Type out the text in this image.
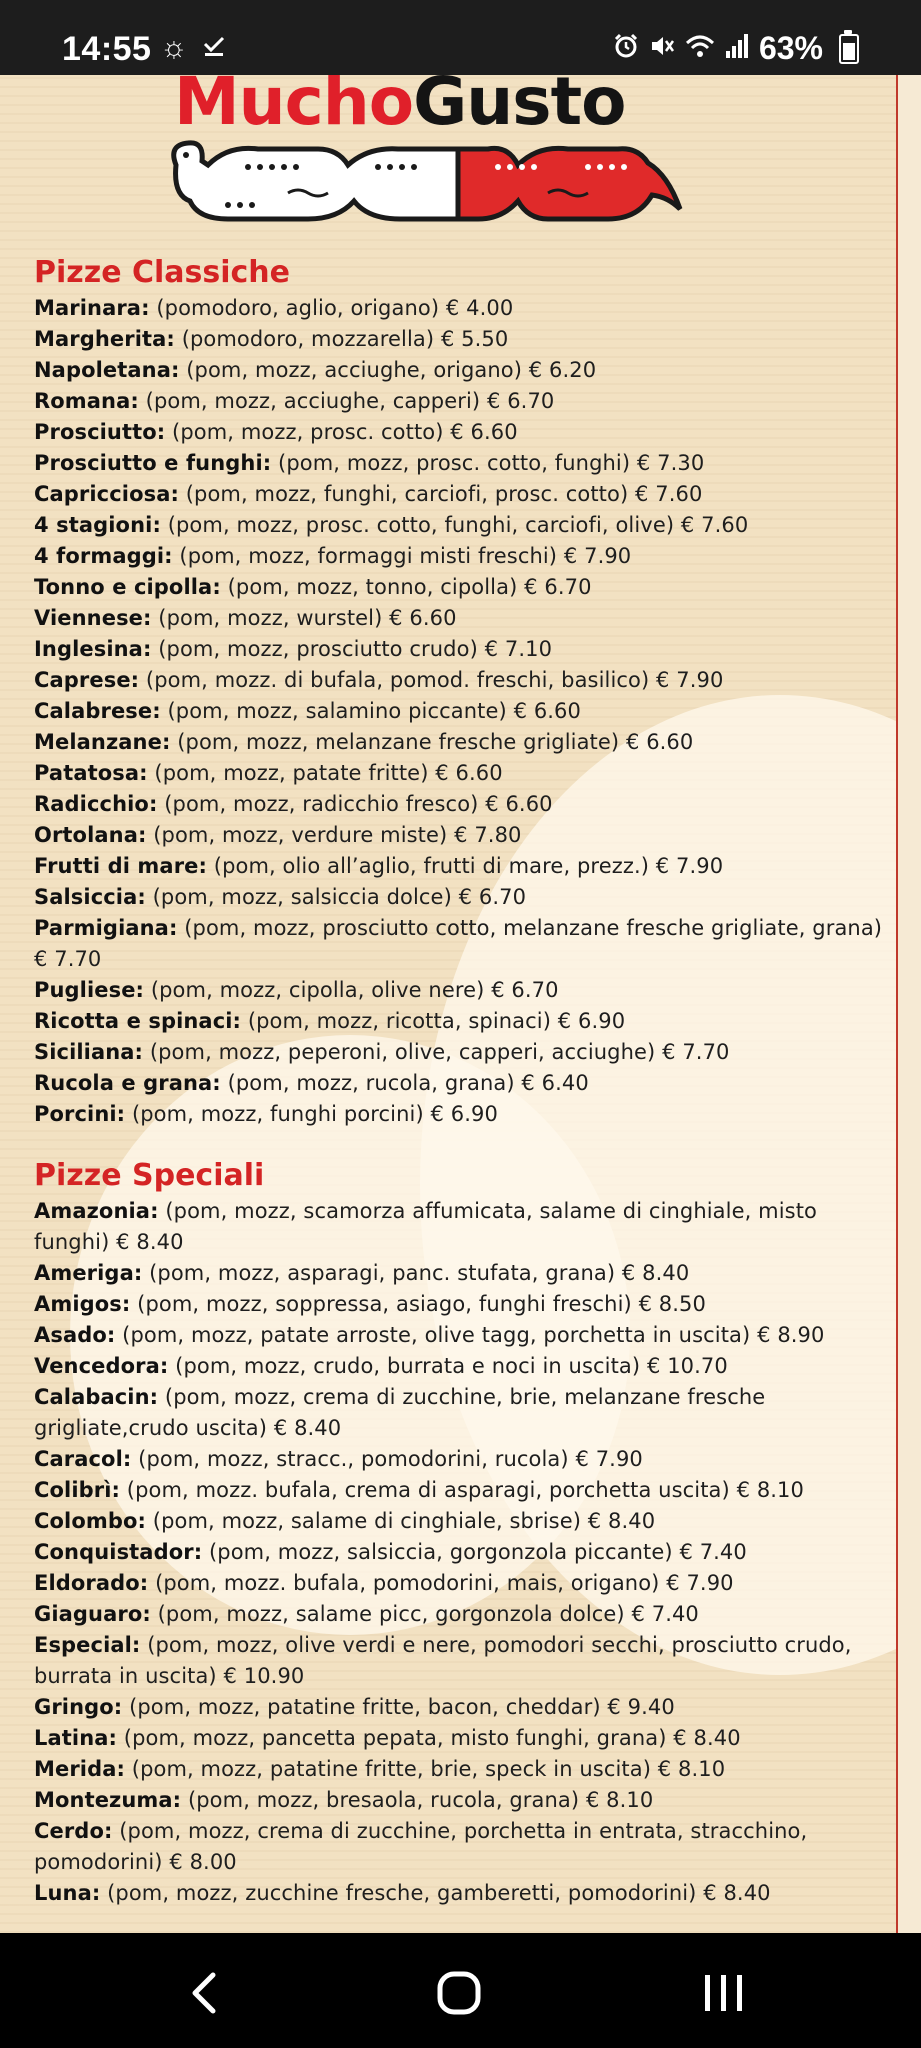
14:55 ☼	63%
MuchoGusto
Pizze Classiche
Marinara: (pomodoro, aglio, origano) € 4.00
Margherita: (pomodoro, mozzarella) € 5.50
Napoletana: (pom, mozz, acciughe, origano) € 6.20
Romana: (pom, mozz, acciughe, capperi) € 6.70
Prosciutto: (pom, mozz, prosc. cotto) € 6.60
Prosciutto e funghi: (pom, mozz, prosc. cotto, funghi) € 7.30
Capricciosa: (pom, mozz, funghi, carciofi, prosc. cotto) € 7.60
4 stagioni: (pom, mozz, prosc. cotto, funghi, carciofi, olive) € 7.60
4 formaggi: (pom, mozz, formaggi misti freschi) € 7.90
Tonno e cipolla: (pom, mozz, tonno, cipolla) € 6.70
Viennese: (pom, mozz, wurstel) € 6.60
Inglesina: (pom, mozz, prosciutto crudo) € 7.10
Caprese: (pom, mozz. di bufala, pomod. freschi, basilico) € 7.90
Calabrese: (pom, mozz, salamino piccante) € 6.60
Melanzane: (pom, mozz, melanzane fresche grigliate) € 6.60
Patatosa: (pom, mozz, patate fritte) € 6.60
Radicchio: (pom, mozz, radicchio fresco) € 6.60
Ortolana: (pom, mozz, verdure miste) € 7.80
Frutti di mare: (pom, olio all’aglio, frutti di mare, prezz.) € 7.90
Salsiccia: (pom, mozz, salsiccia dolce) € 6.70
Parmigiana: (pom, mozz, prosciutto cotto, melanzane fresche grigliate, grana) € 7.70
Pugliese: (pom, mozz, cipolla, olive nere) € 6.70
Ricotta e spinaci: (pom, mozz, ricotta, spinaci) € 6.90
Siciliana: (pom, mozz, peperoni, olive, capperi, acciughe) € 7.70
Rucola e grana: (pom, mozz, rucola, grana) € 6.40
Porcini: (pom, mozz, funghi porcini) € 6.90
Pizze Speciali
Amazonia: (pom, mozz, scamorza affumicata, salame di cinghiale, misto funghi) € 8.40
Ameriga: (pom, mozz, asparagi, panc. stufata, grana) € 8.40
Amigos: (pom, mozz, soppressa, asiago, funghi freschi) € 8.50
Asado: (pom, mozz, patate arroste, olive tagg, porchetta in uscita) € 8.90
Vencedora: (pom, mozz, crudo, burrata e noci in uscita) € 10.70
Calabacin: (pom, mozz, crema di zucchine, brie, melanzane fresche grigliate,crudo uscita) € 8.40
Caracol: (pom, mozz, stracc., pomodorini, rucola) € 7.90
Colibrì: (pom, mozz. bufala, crema di asparagi, porchetta uscita) € 8.10
Colombo: (pom, mozz, salame di cinghiale, sbrise) € 8.40
Conquistador: (pom, mozz, salsiccia, gorgonzola piccante) € 7.40
Eldorado: (pom, mozz. bufala, pomodorini, mais, origano) € 7.90
Giaguaro: (pom, mozz, salame picc, gorgonzola dolce) € 7.40
Especial: (pom, mozz, olive verdi e nere, pomodori secchi, prosciutto crudo, burrata in uscita) € 10.90
Gringo: (pom, mozz, patatine fritte, bacon, cheddar) € 9.40
Latina: (pom, mozz, pancetta pepata, misto funghi, grana) € 8.40
Merida: (pom, mozz, patatine fritte, brie, speck in uscita) € 8.10
Montezuma: (pom, mozz, bresaola, rucola, grana) € 8.10
Cerdo: (pom, mozz, crema di zucchine, porchetta in entrata, stracchino, pomodorini) € 8.00
Luna: (pom, mozz, zucchine fresche, gamberetti, pomodorini) € 8.40
